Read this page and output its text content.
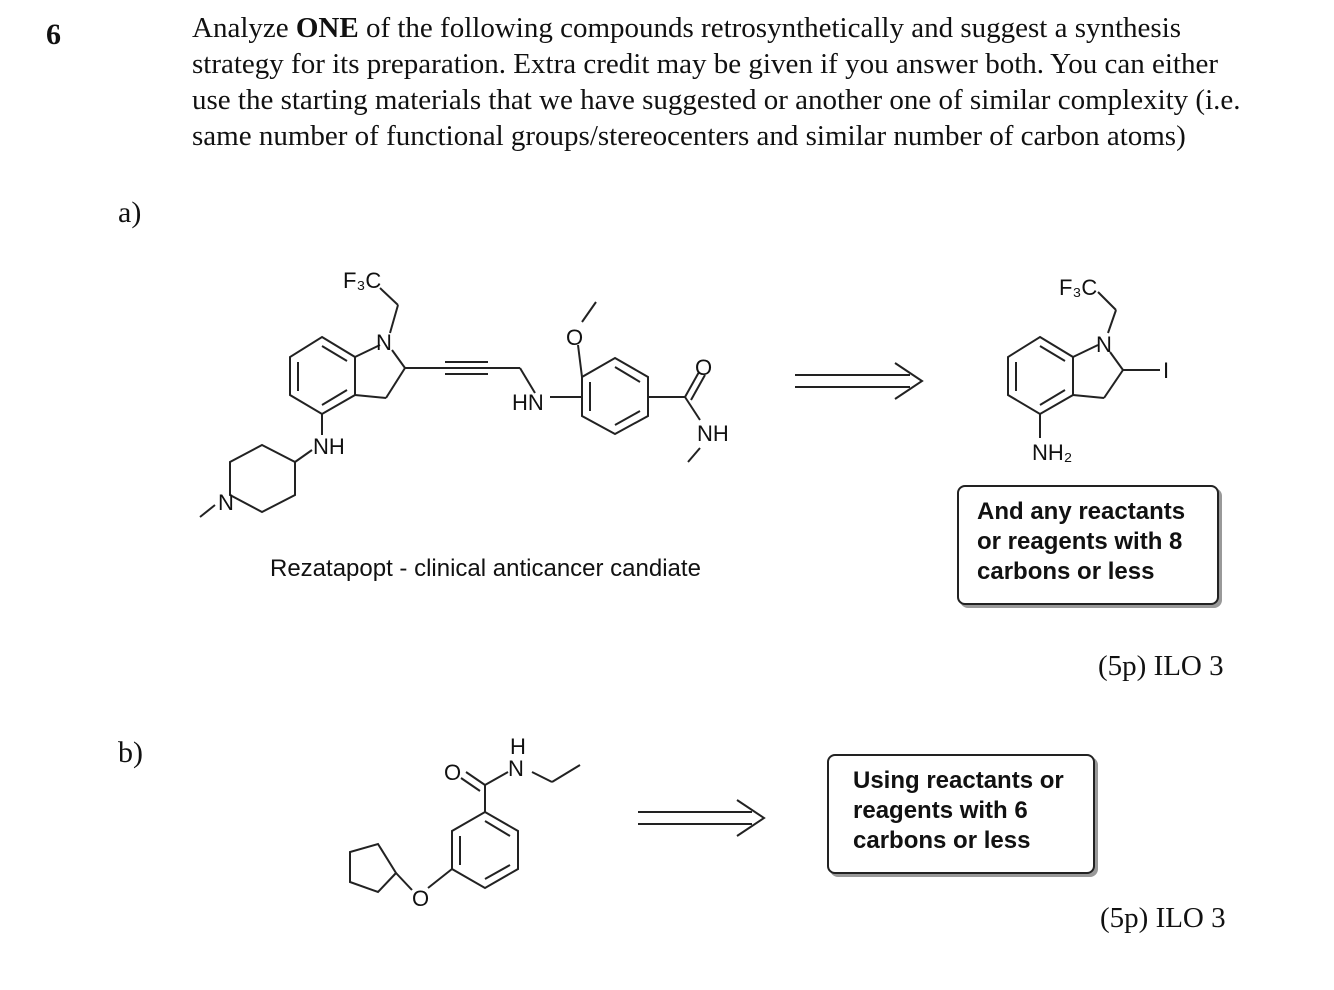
6	Analyze ONE of the following compounds retrosynthetically and suggest a synthesis strategy for its preparation. Extra credit may be given if you answer both. You can either use the starting materials that we have suggested or another one of similar complexity (i.e. same number of functional groups/stereocenters and similar number of carbon atoms)
a)
b)
F₃C
N
NH
N
HN
O
O
NH
F₃C
N
I
NH₂
O
H
N
O
Rezatapopt - clinical anticancer candiate
And any reactants
or reagents with 8
carbons or less
Using reactants or
reagents with 6
carbons or less
(5p) ILO 3
(5p) ILO 3
